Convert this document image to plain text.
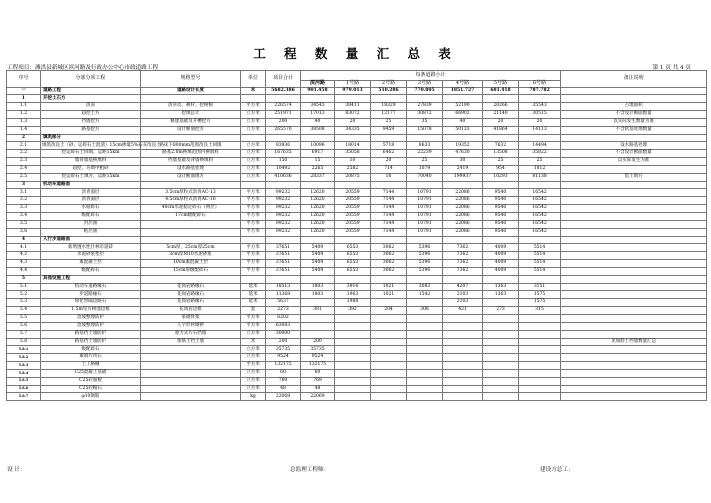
工 程 数 量 汇 总 表
工程项目：滩洪县新城区滨河路及行政办公中心市政道路工程	第 1 页 共 4 页
序号	分部分项工程	规格型号	单位	项目合计	每条道路小计							备注说明
					滨河路	1号路	2号路	3号路	4号路	5号路	6号路	
一	道路工程	道路设计长度	米	5682.386	901.458	979.013	510.286	770.805	1851.727	681.418	787.782	
1	开挖土石方											
1.1	清表	清草皮、耕杆、挖树根	平方米	226574	34545	38411	18329	27839	52190	20266	35543	占地面积
1.2	超挖土方	挖填总计	立方米	251971	17013	83072	12177	30872	66902	21140	30515	不含设计断面数量
1.3	挡墙挖方	修建基础及开槽挖方	立方米	200	40	20	25	35	40	20	20	以实际发生数量为准
1.4	路基挖方	设计断面挖方	立方米	265570	38508	34335	9459	15078	50133	41864	14113	不含软基处理数量
2	填筑部分											
2.1	填筑改良土（砂、运碎石土混渣）15cm掺量5%石灰改良土	路床下800mm范围改良土回填	立方米	83936	10096	18014	5718	8633	19352	7632	14494	设水路基处理
2.2	挖运碎石土回填、运距15km	路基2.0m换填范围内换填料	立方米	167635	6917	35058	6462	22239	47630	13508	35822	不含设计断面数量
2.3	墙背墙基换填料	挡墙基础及背墙换填料	立方米	150	15	10	20	25	30	25	25	以实际发生为准
2.4	超挖、夯填中粗砂	设水路基处理	立方米	10492	2265	2582	714	1079	2419	954	1812	
2.5	挖运碎石土填方、运距15km	设计断面填方	立方米	410636	28337	20875	16	70040	199937	10293	81138	借土填方
3	机动车道路面											
3.1	沥青面层	3.5cm厚粒式沥青AC-13	平方米	99232	12620	20559	7144	10791	22086	9540	16542	
3.2	沥青面层	4.5cm厚粒式沥青AC-16	平方米	99232	12620	20559	7144	10791	22086	9540	16542	
3.3	水稳碎石	40cm水泥稳定碎石（两层）	平方米	99232	12620	20559	7144	10791	22086	9540	16542	
3.4	级配碎石	17cm级配碎石	平方米	99232	12620	20559	7144	10791	22086	9540	16542	
3.5	封层油		平方米	99232	12620	20559	7144	10791	22086	9540	16542	
3.6	粘层油		平方米	99232	12620	20559	7144	10791	22086	9540	16542	
4	人行步道路面											
4.1	新增透水性仕林市道砖	5cm厚，25cm厚25cm	平方米	37651	5409	6553	3062	5396	7362	4009	5514	
4.2	水泥砂浆垫层	3cm厚M10水泥砂浆	平方米	37651	5409	6553	3062	5396	7362	4009	5514	
4.3	素混凝土层	10cm素混凝土层	平方米	37651	5409	6553	3062	5396	7362	4009	5514	
4.4	级配碎石	15cm厚级配碎石	平方米	37651	5409	6553	3062	5396	7362	4009	5514	
5	其他设施工程											
5.1	机动车道路缘石	花岗岩路缘石	延米	18513	1803	3916	1021	3083	4207	1363	3151	
5.2	步道路缘石	花岗岩路缘石	延米	11368	1803	1963	1021	1542	2103	1363	1575	
5.3	绿化带隔边路石	花岗岩路缘石	延米	5637		1988			2103		1575	
5.4	1.5m见方树池边框	花岗岩边框	套	2273	381	392	204	308	421	273	315	
5.5	边坡整理防护	浆砌骨架	平方米	6202								
5.6	边坡整理防护	人字形衬砌拱	平方米	63083								
5.7	路基挡土墙防护	重力式片石挡墙	立方米	30000								
5.8	路基挡土墙防护	加筋土挡土墙	米	200	200							见加筋土挡墙数量汇总
5.8.1	级配碎石		立方米	35735	35735							
5.8.2	素填片块石		立方米	9524	9524							
5.8.3	土工格栅		平方米	132175	132175							
5.8.4	C25混凝土基础		立方米	60	60							
5.8.5	C25砼面板		立方米	769	769							
5.8.6	C25砼帽石		立方米	48	48							
5.8.7	φ10钢筋		kg	22069	22069							
设 计：	总监理工程师：	建设方总工：
